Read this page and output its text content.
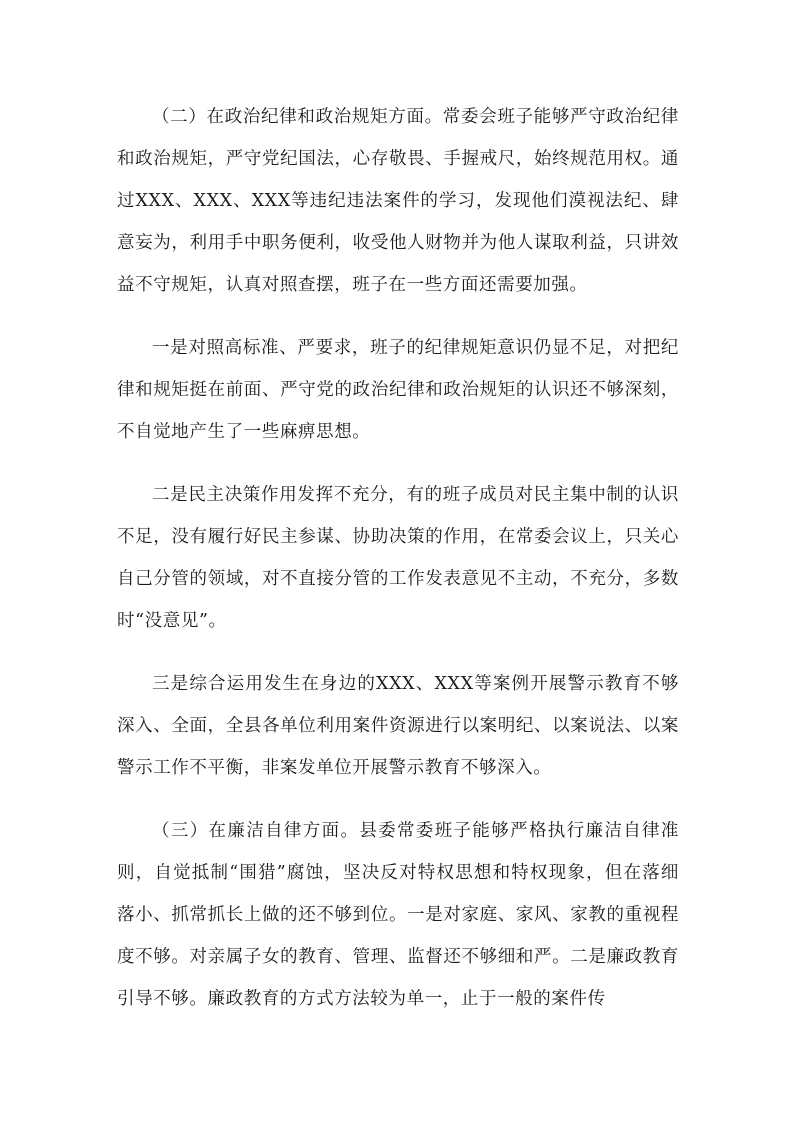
（二）在政治纪律和政治规矩方面。常委会班子能够严守政治纪律和政治规矩，严守党纪国法，心存敬畏、手握戒尺，始终规范用权。通过XXX、XXX、XXX等违纪违法案件的学习，发现他们漠视法纪、肆意妄为，利用手中职务便利，收受他人财物并为他人谋取利益，只讲效益不守规矩，认真对照查摆，班子在一些方面还需要加强。

一是对照高标准、严要求，班子的纪律规矩意识仍显不足，对把纪律和规矩挺在前面、严守党的政治纪律和政治规矩的认识还不够深刻，不自觉地产生了一些麻痹思想。

二是民主决策作用发挥不充分，有的班子成员对民主集中制的认识不足，没有履行好民主参谋、协助决策的作用，在常委会议上，只关心自己分管的领域，对不直接分管的工作发表意见不主动，不充分，多数时“没意见”。

三是综合运用发生在身边的XXX、XXX等案例开展警示教育不够深入、全面，全县各单位利用案件资源进行以案明纪、以案说法、以案警示工作不平衡，非案发单位开展警示教育不够深入。

（三）在廉洁自律方面。县委常委班子能够严格执行廉洁自律准则，自觉抵制“围猎”腐蚀，坚决反对特权思想和特权现象，但在落细落小、抓常抓长上做的还不够到位。一是对家庭、家风、家教的重视程度不够。对亲属子女的教育、管理、监督还不够细和严。二是廉政教育引导不够。廉政教育的方式方法较为单一，止于一般的案件传
